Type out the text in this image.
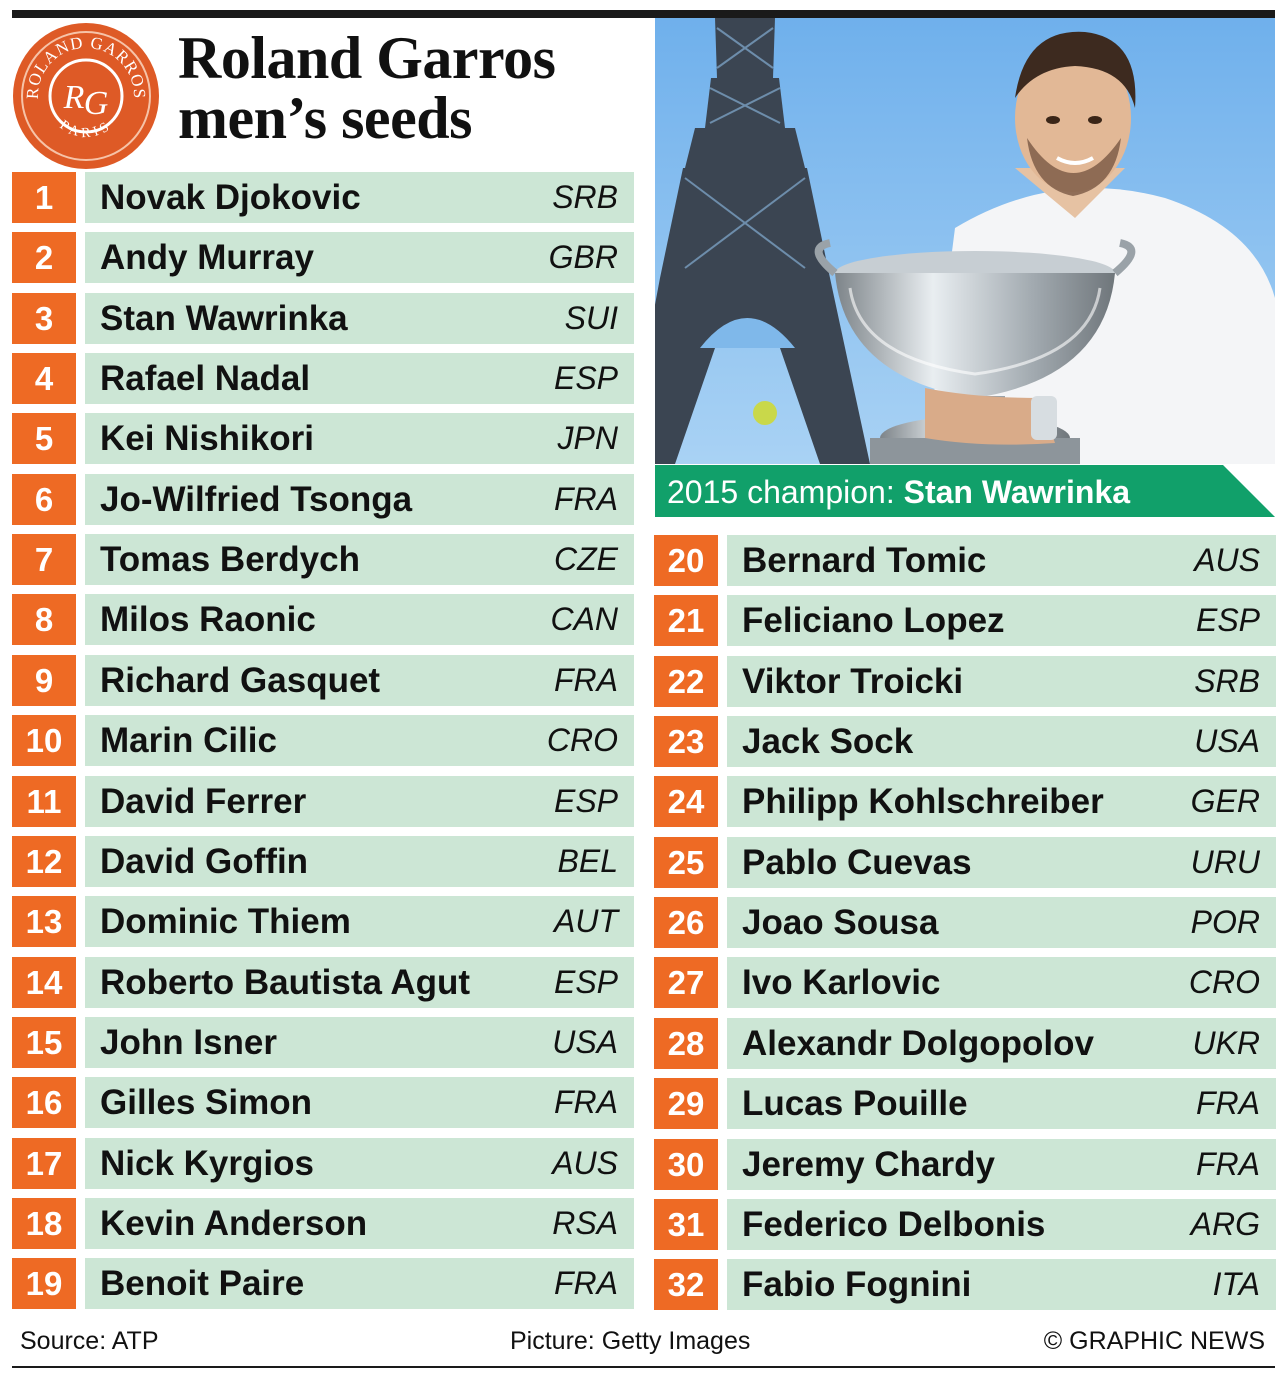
ROLAND GARROS
PARIS
R G
Roland Garros
men’s seeds
2015 champion: Stan Wawrinka
1	Novak Djokovic	SRB
2	Andy Murray	GBR
3	Stan Wawrinka	SUI
4	Rafael Nadal	ESP
5	Kei Nishikori	JPN
6	Jo-Wilfried Tsonga	FRA
7	Tomas Berdych	CZE
8	Milos Raonic	CAN
9	Richard Gasquet	FRA
10	Marin Cilic	CRO
11	David Ferrer	ESP
12	David Goffin	BEL
13	Dominic Thiem	AUT
14	Roberto Bautista Agut	ESP
15	John Isner	USA
16	Gilles Simon	FRA
17	Nick Kyrgios	AUS
18	Kevin Anderson	RSA
19	Benoit Paire	FRA
20	Bernard Tomic	AUS
21	Feliciano Lopez	ESP
22	Viktor Troicki	SRB
23	Jack Sock	USA
24	Philipp Kohlschreiber	GER
25	Pablo Cuevas	URU
26	Joao Sousa	POR
27	Ivo Karlovic	CRO
28	Alexandr Dolgopolov	UKR
29	Lucas Pouille	FRA
30	Jeremy Chardy	FRA
31	Federico Delbonis	ARG
32	Fabio Fognini	ITA
Source: ATP	Picture: Getty Images	© GRAPHIC NEWS
